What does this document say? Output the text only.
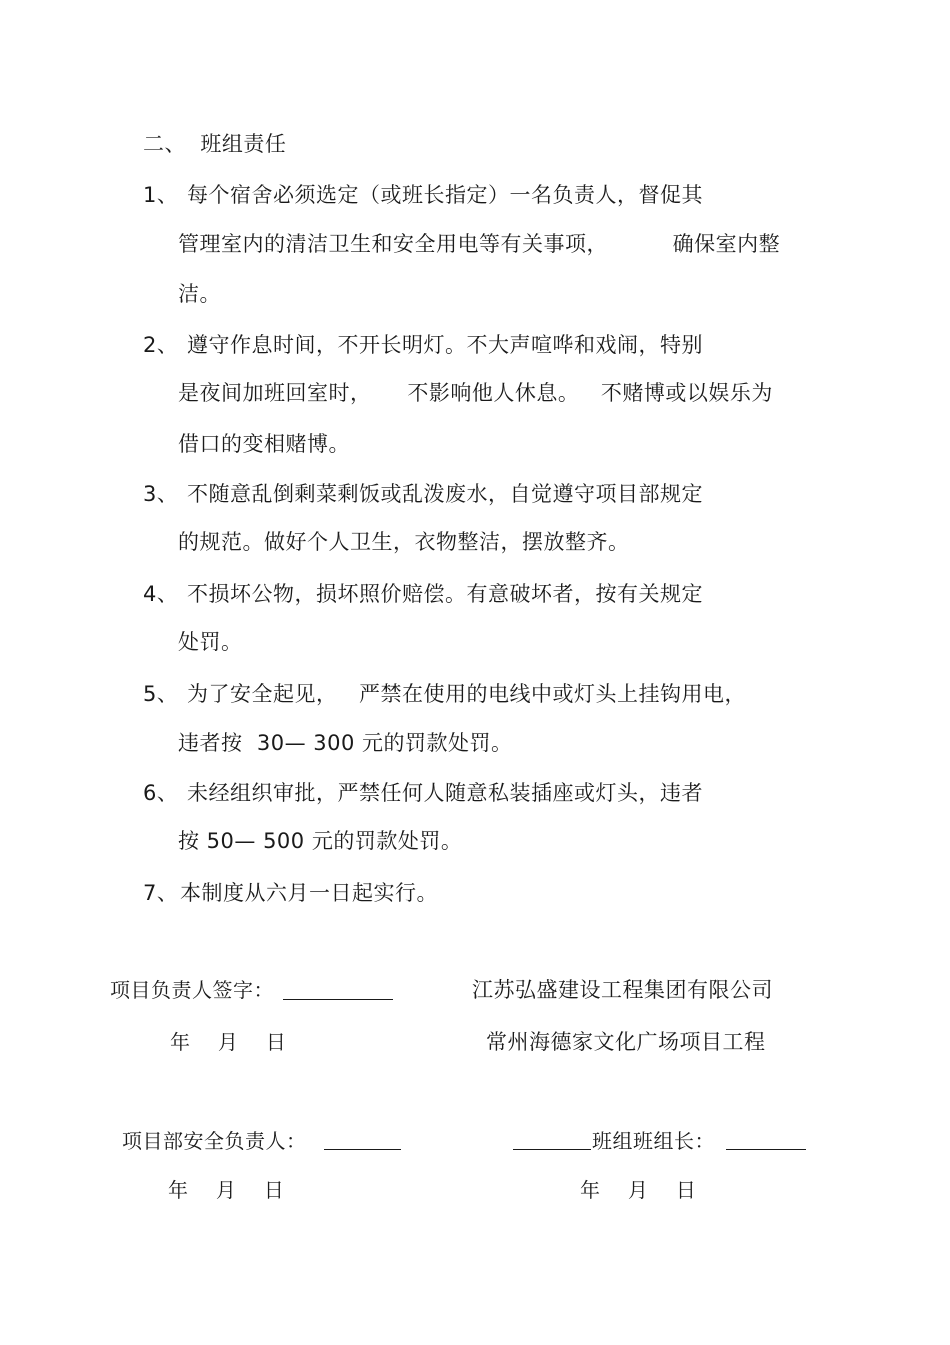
二、  班组责任
1、 每个宿舍必须选定（或班长指定）一名负责人，督促其
管理室内的清洁卫生和安全用电等有关事项，         确保室内整
洁。
2、 遵守作息时间，不开长明灯。不大声喧哗和戏闹，特别
是夜间加班回室时，     不影响他人休息。   不赌博或以娱乐为
借口的变相赌博。
3、 不随意乱倒剩菜剩饭或乱泼废水，自觉遵守项目部规定
的规范。做好个人卫生，衣物整洁，摆放整齐。
4、 不损坏公物，损坏照价赔偿。有意破坏者，按有关规定
处罚。
5、 为了安全起见，   严禁在使用的电线中或灯头上挂钩用电，
违者按  30— 300 元的罚款处罚。
6、 未经组织审批，严禁任何人随意私装插座或灯头，违者
按 50— 500 元的罚款处罚。
7、 本制度从六月一日起实行。
项目负责人签字：	江苏弘盛建设工程集团有限公司
年    月    日	常州海德家文化广场项目工程
项目部安全负责人：	班组班组长：
年    月    日	年    月    日
